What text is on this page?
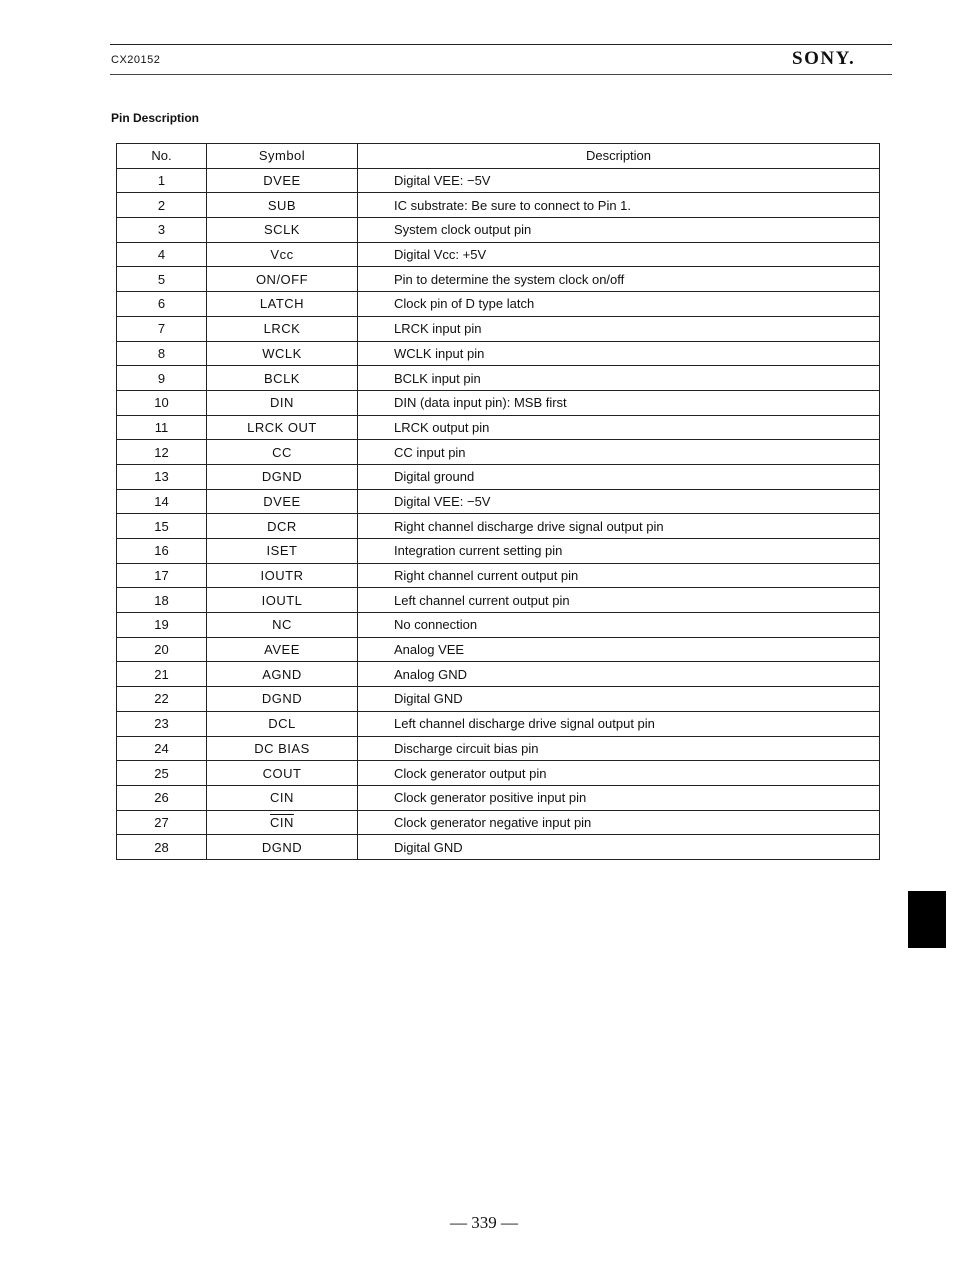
CX20152	SONY.
Pin Description
No.	Symbol	Description
1	DVEE	Digital VEE: −5V
2	SUB	IC substrate: Be sure to connect to Pin 1.
3	SCLK	System clock output pin
4	Vcc	Digital Vcc: +5V
5	ON/OFF	Pin to determine the system clock on/off
6	LATCH	Clock pin of D type latch
7	LRCK	LRCK input pin
8	WCLK	WCLK input pin
9	BCLK	BCLK input pin
10	DIN	DIN (data input pin): MSB first
11	LRCK OUT	LRCK output pin
12	CC	CC input pin
13	DGND	Digital ground
14	DVEE	Digital VEE: −5V
15	DCR	Right channel discharge drive signal output pin
16	ISET	Integration current setting pin
17	IOUTR	Right channel current output pin
18	IOUTL	Left channel current output pin
19	NC	No connection
20	AVEE	Analog VEE
21	AGND	Analog GND
22	DGND	Digital GND
23	DCL	Left channel discharge drive signal output pin
24	DC BIAS	Discharge circuit bias pin
25	COUT	Clock generator output pin
26	CIN	Clock generator positive input pin
27	$\overline{CIN}$	Clock generator negative input pin
28	DGND	Digital GND
— 339 —
